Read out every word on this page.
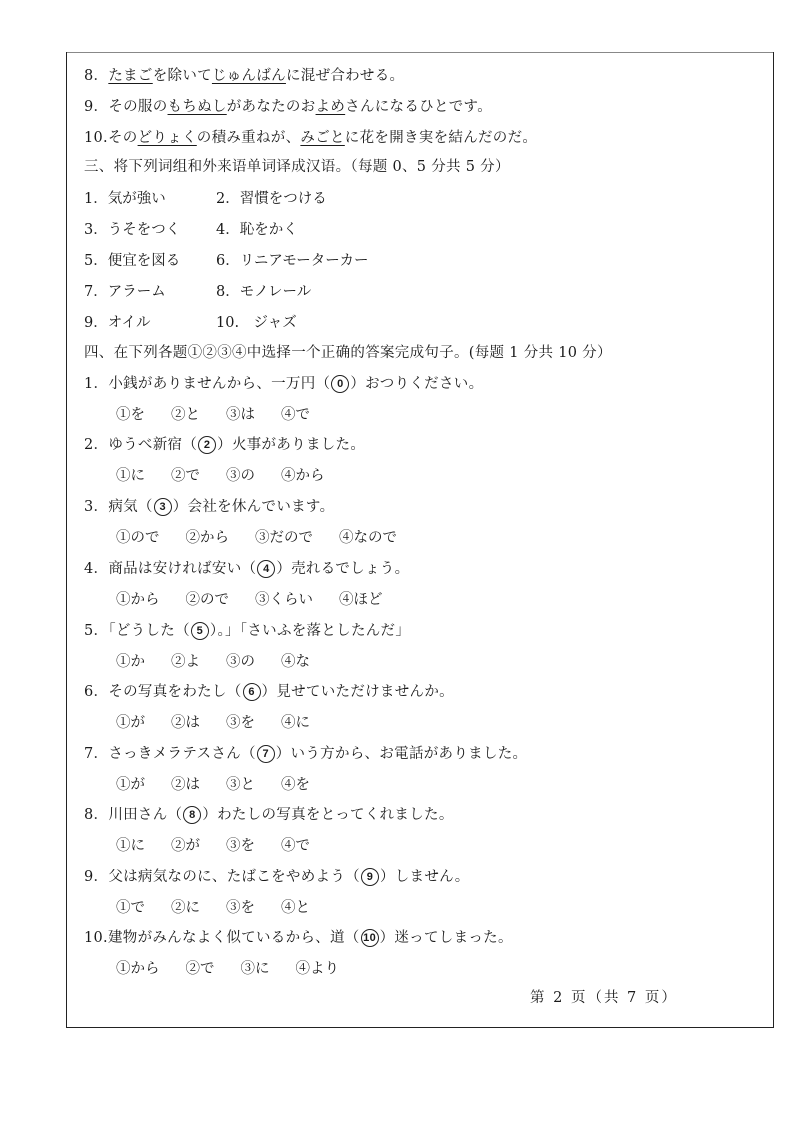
8．たまごを除いてじゅんばんに混ぜ合わせる。
9．その服のもちぬしがあなたのおよめさんになるひとです。
10.そのどりょくの積み重ねが、みごとに花を開き実を結んだのだ。
三、将下列词组和外来语单词译成汉语。（每题 0、5 分共 5 分）
1．気が強い	2．習慣をつける
3．うそをつく 4．恥をかく
5．便宜を図る 6．リニアモーターカー
7．アラーム	8．モノレール
9．オイル	10.　ジャズ
四、在下列各题①②③④中选择一个正确的答案完成句子。(每题 1 分共 10 分）
1．小銭がありませんから、一万円（ 0 ）おつりください。
①を ②と ③は ④で
2．ゆうべ新宿（ 2 ）火事がありました。
①に ②で ③の ④から
3．病気（ 3 ）会社を休んでいます。
①ので ②から ③だので ④なので
4．商品は安ければ安い（ 4 ）売れるでしょう。
①から ②ので ③くらい ④ほど
5．「どうした（ 5 ）。」「さいふを落としたんだ」
①か ②よ ③の ④な
6．その写真をわたし（ 6 ）見せていただけませんか。
①が ②は ③を ④に
7．さっきメラテスさん（ 7 ）いう方から、お電話がありました。
①が ②は ③と ④を
8．川田さん（ 8 ）わたしの写真をとってくれました。
①に ②が ③を ④で
9．父は病気なのに、たばこをやめよう（ 9 ）しません。
①で ②に ③を ④と
10.建物がみんなよく似ているから、道（ 10 ）迷ってしまった。
①から ②で ③に ④より
第 2 页（共 7 页）
